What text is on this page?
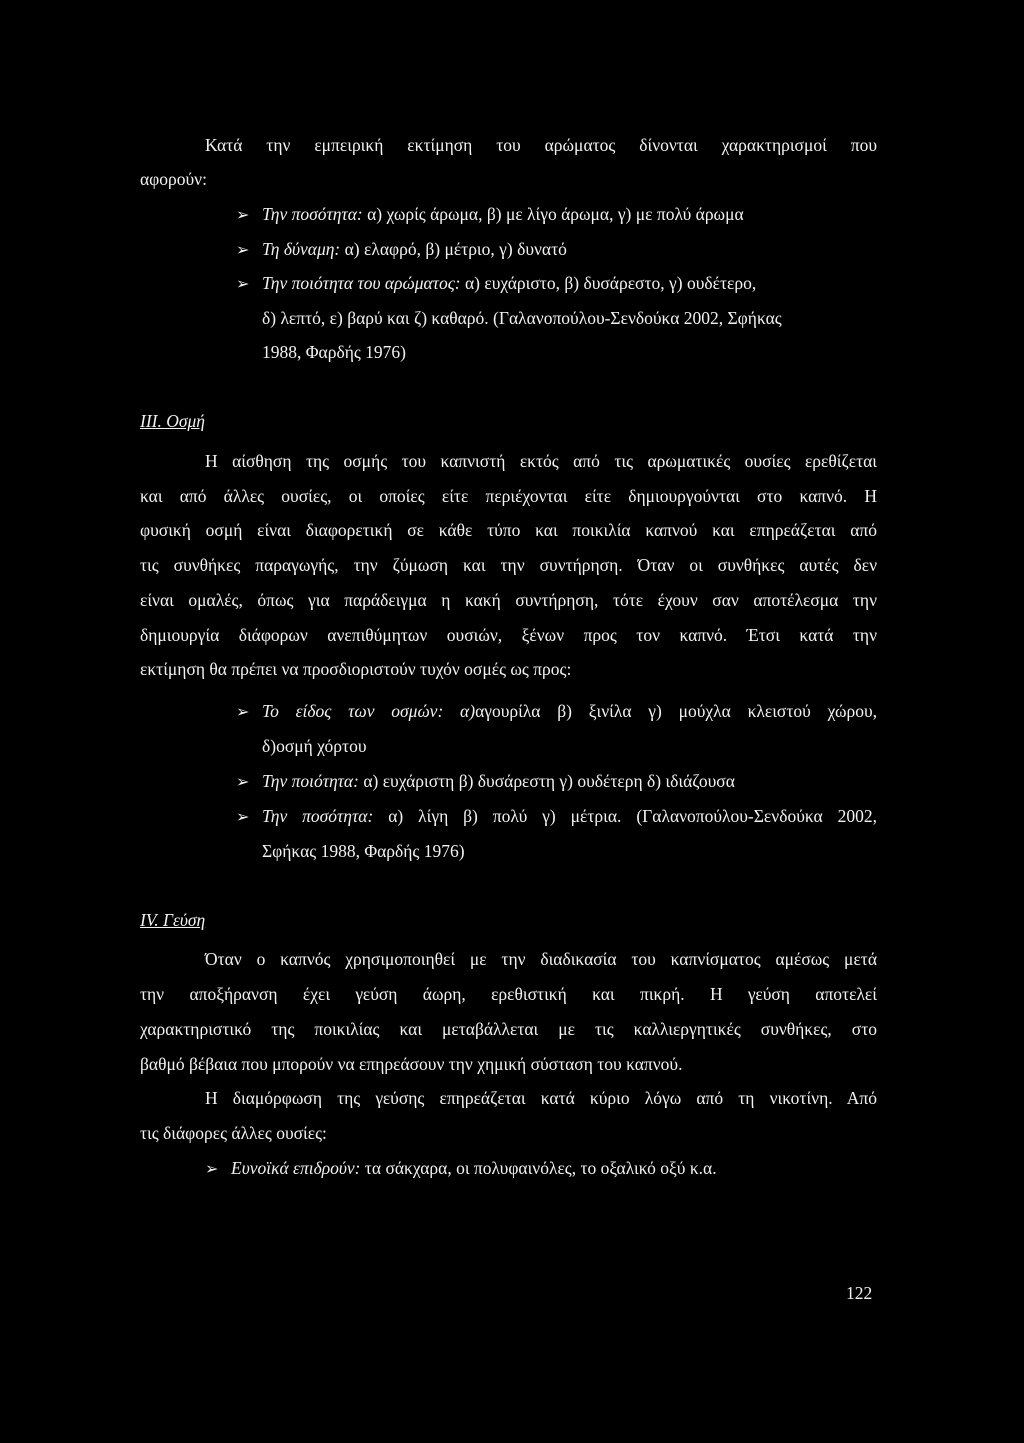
Κατά την εμπειρική εκτίμηση του αρώματος δίνονται χαρακτηρισμοί που
αφορούν:
➢ Την ποσότητα: α) χωρίς άρωμα, β) με λίγο άρωμα, γ) με πολύ άρωμα
➢ Τη δύναμη: α) ελαφρό, β) μέτριο, γ) δυνατό
➢ Την ποιότητα του αρώματος: α) ευχάριστο, β) δυσάρεστο, γ) ουδέτερο,
δ) λεπτό, ε) βαρύ και ζ) καθαρό. (Γαλανοπούλου-Σενδούκα 2002, Σφήκας
1988, Φαρδής 1976)
III. Οσμή
Η αίσθηση της οσμής του καπνιστή εκτός από τις αρωματικές ουσίες ερεθίζεται
και από άλλες ουσίες, οι οποίες είτε περιέχονται είτε δημιουργούνται στο καπνό. Η
φυσική οσμή είναι διαφορετική σε κάθε τύπο και ποικιλία καπνού και επηρεάζεται από
τις συνθήκες παραγωγής, την ζύμωση και την συντήρηση. Όταν οι συνθήκες αυτές δεν
είναι ομαλές, όπως για παράδειγμα η κακή συντήρηση, τότε έχουν σαν αποτέλεσμα την
δημιουργία διάφορων ανεπιθύμητων ουσιών, ξένων προς τον καπνό. Έτσι κατά την
εκτίμηση θα πρέπει να προσδιοριστούν τυχόν οσμές ως προς:
➢ Το είδος των οσμών: α)αγουρίλα β) ξινίλα γ) μούχλα κλειστού χώρου,
δ)οσμή χόρτου
➢ Την ποιότητα: α) ευχάριστη β) δυσάρεστη γ) ουδέτερη δ) ιδιάζουσα
➢ Την ποσότητα: α) λίγη β) πολύ γ) μέτρια. (Γαλανοπούλου-Σενδούκα 2002,
Σφήκας 1988, Φαρδής 1976)
IV. Γεύση
Όταν ο καπνός χρησιμοποιηθεί με την διαδικασία του καπνίσματος αμέσως μετά
την αποξήρανση έχει γεύση άωρη, ερεθιστική και πικρή. Η γεύση αποτελεί
χαρακτηριστικό της ποικιλίας και μεταβάλλεται με τις καλλιεργητικές συνθήκες, στο
βαθμό βέβαια που μπορούν να επηρεάσουν την χημική σύσταση του καπνού.
Η διαμόρφωση της γεύσης επηρεάζεται κατά κύριο λόγω από τη νικοτίνη. Από
τις διάφορες άλλες ουσίες:
➢ Ευνοϊκά επιδρούν: τα σάκχαρα, οι πολυφαινόλες, το οξαλικό οξύ κ.α.
122
